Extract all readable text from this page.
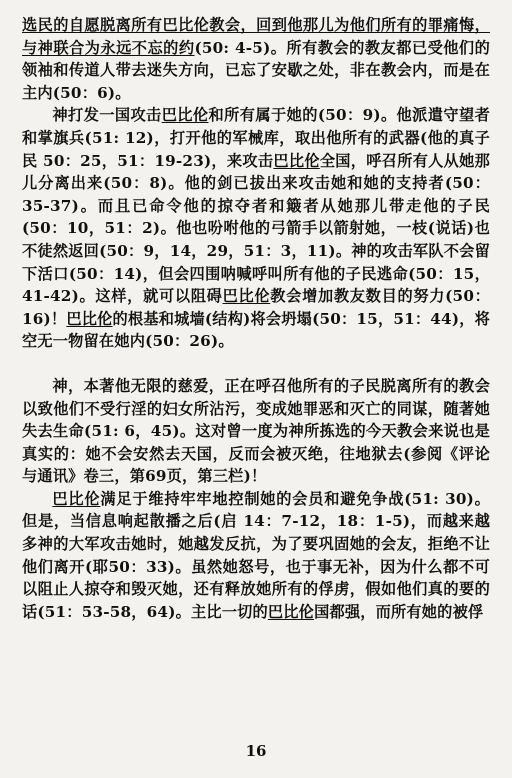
选民的自愿脱离所有巴比伦教会，回到他那儿为他们所有的罪痛悔，与神联合为永远不忘的约(50: 4-5)。所有教会的教友都已受他们的领袖和传道人带去迷失方向，已忘了安歇之处，非在教会内，而是在主内(50：6)。

神打发一国攻击巴比伦和所有属于她的(50：9)。他派遣守望者和掌旗兵(51: 12)，打开他的军械库，取出他所有的武器(他的真子民 50：25，51：19-23)，来攻击巴比伦全国，呼召所有人从她那儿分离出来(50：8)。他的剑已拔出来攻击她和她的支持者(50：35-37)。而且已命令他的掠夺者和簸者从她那儿带走他的子民(50：10，51：2)。他也吩咐他的弓箭手以箭射她，一枝(说话)也不徒然返回(50：9，14，29，51：3，11)。神的攻击军队不会留下活口(50：14)，但会四围呐喊呼叫所有他的子民逃命(50：15，41-42)。这样，就可以阻碍巴比伦教会增加教友数目的努力(50：16)！巴比伦的根基和城墙(结构)将会坍塌(50：15，51：44)，将空无一物留在她内(50：26)。

神，本著他无限的慈爱，正在呼召他所有的子民脱离所有的教会以致他们不受行淫的妇女所沾污，变成她罪恶和灭亡的同谋，随著她失去生命(51: 6，45)。这对曾一度为神所拣选的今天教会来说也是真实的：她不会安然去天国，反而会被灭绝，往地狱去(参阅《评论与通讯》卷三，第69页，第三栏)！

巴比伦满足于维持牢牢地控制她的会员和避免争战(51: 30)。但是，当信息响起散播之后(启 14：7-12，18：1-5)，而越来越多神的大军攻击她时，她越发反抗，为了要巩固她的会友，拒绝不让他们离开(耶50：33)。虽然她怒号，也于事无补，因为什么都不可以阻止人掠夺和毁灭她，还有释放她所有的俘虏，假如他们真的要的话(51：53-58，64)。主比一切的巴比伦国都强，而所有她的被俘

16
